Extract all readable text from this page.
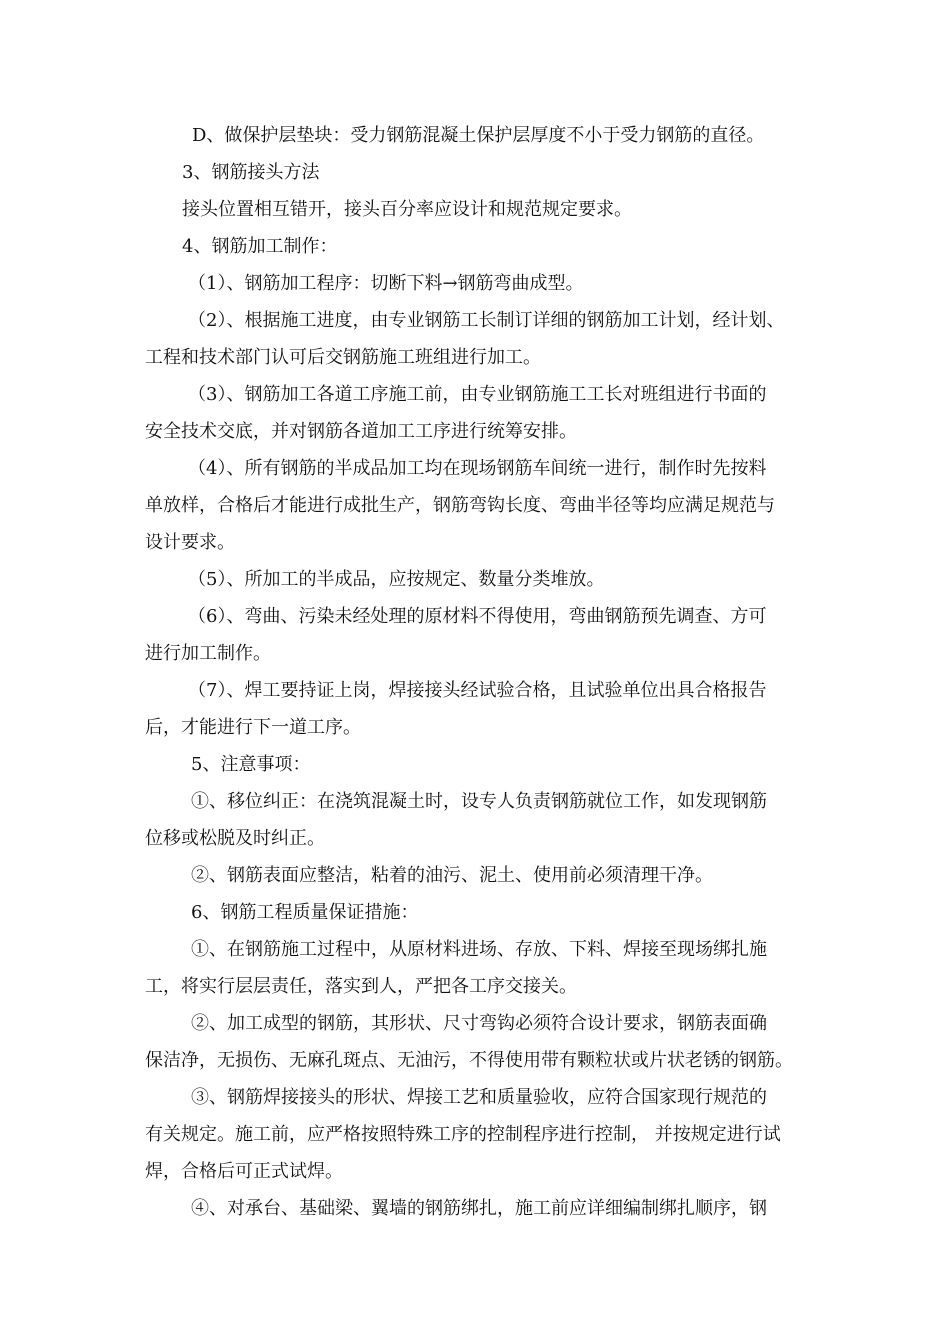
D、做保护层垫块：受力钢筋混凝土保护层厚度不小于受力钢筋的直径。
3、钢筋接头方法
接头位置相互错开，接头百分率应设计和规范规定要求。
4、钢筋加工制作：
（1）、钢筋加工程序：切断下料→钢筋弯曲成型。
（2）、根据施工进度，由专业钢筋工长制订详细的钢筋加工计划，经计划、
工程和技术部门认可后交钢筋施工班组进行加工。
（3）、钢筋加工各道工序施工前，由专业钢筋施工工长对班组进行书面的
安全技术交底，并对钢筋各道加工工序进行统筹安排。
（4）、所有钢筋的半成品加工均在现场钢筋车间统一进行，制作时先按料
单放样，合格后才能进行成批生产，钢筋弯钩长度、弯曲半径等均应满足规范与
设计要求。
（5）、所加工的半成品，应按规定、数量分类堆放。
（6）、弯曲、污染未经处理的原材料不得使用，弯曲钢筋预先调查、方可
进行加工制作。
（7）、焊工要持证上岗，焊接接头经试验合格，且试验单位出具合格报告
后，才能进行下一道工序。
5、注意事项：
①、移位纠正：在浇筑混凝土时，设专人负责钢筋就位工作，如发现钢筋
位移或松脱及时纠正。
②、钢筋表面应整洁，粘着的油污、泥土、使用前必须清理干净。
6、钢筋工程质量保证措施：
①、在钢筋施工过程中，从原材料进场、存放、下料、焊接至现场绑扎施
工，将实行层层责任，落实到人，严把各工序交接关。
②、加工成型的钢筋，其形状、尺寸弯钩必须符合设计要求，钢筋表面确
保洁净，无损伤、无麻孔斑点、无油污，不得使用带有颗粒状或片状老锈的钢筋。
③、钢筋焊接接头的形状、焊接工艺和质量验收，应符合国家现行规范的
有关规定。施工前，应严格按照特殊工序的控制程序进行控制， 并按规定进行试
焊，合格后可正式试焊。
④、对承台、基础梁、翼墙的钢筋绑扎，施工前应详细编制绑扎顺序，钢
